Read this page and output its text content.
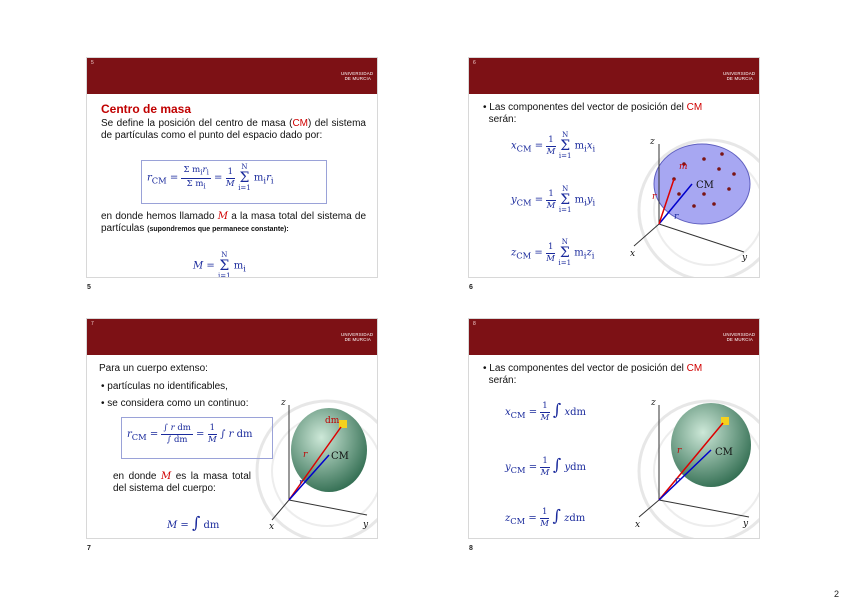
5
UNIVERSIDAD DE MURCIA
Centro de masa
Se define la posición del centro de masa (CM) del sistema de partículas como el punto del espacio dado por:
$r_{CM} = \frac{\Sigma m_ir_i}{\Sigma m_i} = \frac{1}{M}$ N
Σ
i=1 $m_ir_i$
en donde hemos llamado M a la masa total del sistema de partículas (supondremos que permanece constante):
M = N
Σ
i=1 $m_i$
5
6
UNIVERSIDAD DE MURCIA
• Las componentes del vector de posición del CM
serán:
$x_{CM} = \frac{1}{M}$ N
Σ
i=1 $m_ix_i$
$y_{CM} = \frac{1}{M}$ N
Σ
i=1 $m_iy_i$
$z_{CM} = \frac{1}{M}$ N
Σ
i=1 $m_iz_i$
z
x	y
CM
m
r
r
6
7
UNIVERSIDAD DE MURCIA
Para un cuerpo extenso:
• partículas no identificables,
• se considera como un continuo:
$r_{CM} = \frac{\text{∫ r dm}}{\int dm} = \frac{1}{M}$ ∫ r dm
en donde M es la masa total del sistema del cuerpo:
M = ∫ dm
z
x	y
CM
dm
r
r
7
8
UNIVERSIDAD DE MURCIA
• Las componentes del vector de posición del CM
serán:
$x_{CM} = \frac{1}{M}$ ∫ xdm
$y_{CM} = \frac{1}{M}$ ∫ ydm
$z_{CM} = \frac{1}{M}$ ∫ zdm
z
x	y
CM
r
r
8
2
